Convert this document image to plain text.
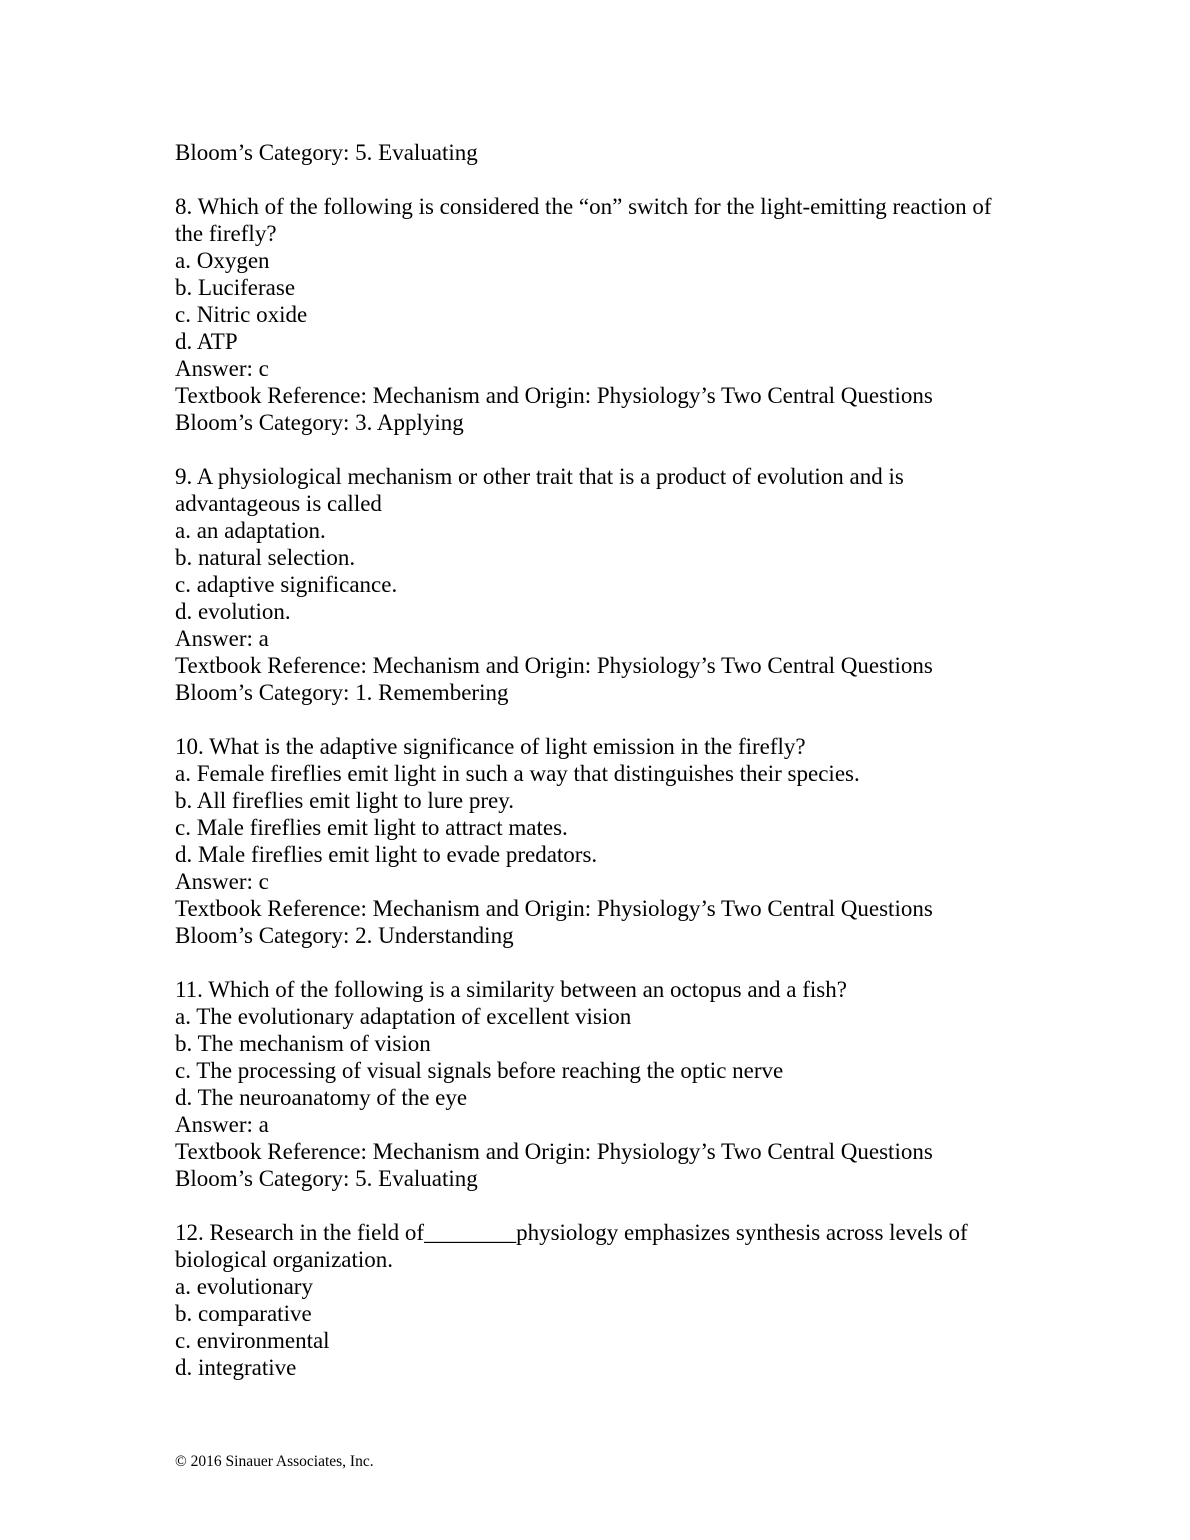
Bloom’s Category: 5. Evaluating

8. Which of the following is considered the “on” switch for the light-emitting reaction of the firefly?

a. Oxygen

b. Luciferase

c. Nitric oxide

d. ATP

Answer: c

Textbook Reference: Mechanism and Origin: Physiology’s Two Central Questions

Bloom’s Category: 3. Applying

9. A physiological mechanism or other trait that is a product of evolution and is advantageous is called

a. an adaptation.

b. natural selection.

c. adaptive significance.

d. evolution.

Answer: a

Textbook Reference: Mechanism and Origin: Physiology’s Two Central Questions

Bloom’s Category: 1. Remembering

10. What is the adaptive significance of light emission in the firefly?

a. Female fireflies emit light in such a way that distinguishes their species.

b. All fireflies emit light to lure prey.

c. Male fireflies emit light to attract mates.

d. Male fireflies emit light to evade predators.

Answer: c

Textbook Reference: Mechanism and Origin: Physiology’s Two Central Questions

Bloom’s Category: 2. Understanding

11. Which of the following is a similarity between an octopus and a fish?

a. The evolutionary adaptation of excellent vision

b. The mechanism of vision

c. The processing of visual signals before reaching the optic nerve

d. The neuroanatomy of the eye

Answer: a

Textbook Reference: Mechanism and Origin: Physiology’s Two Central Questions

Bloom’s Category: 5. Evaluating

12. Research in the field of________physiology emphasizes synthesis across levels of biological organization.

a. evolutionary

b. comparative

c. environmental

d. integrative

© 2016 Sinauer Associates, Inc.
